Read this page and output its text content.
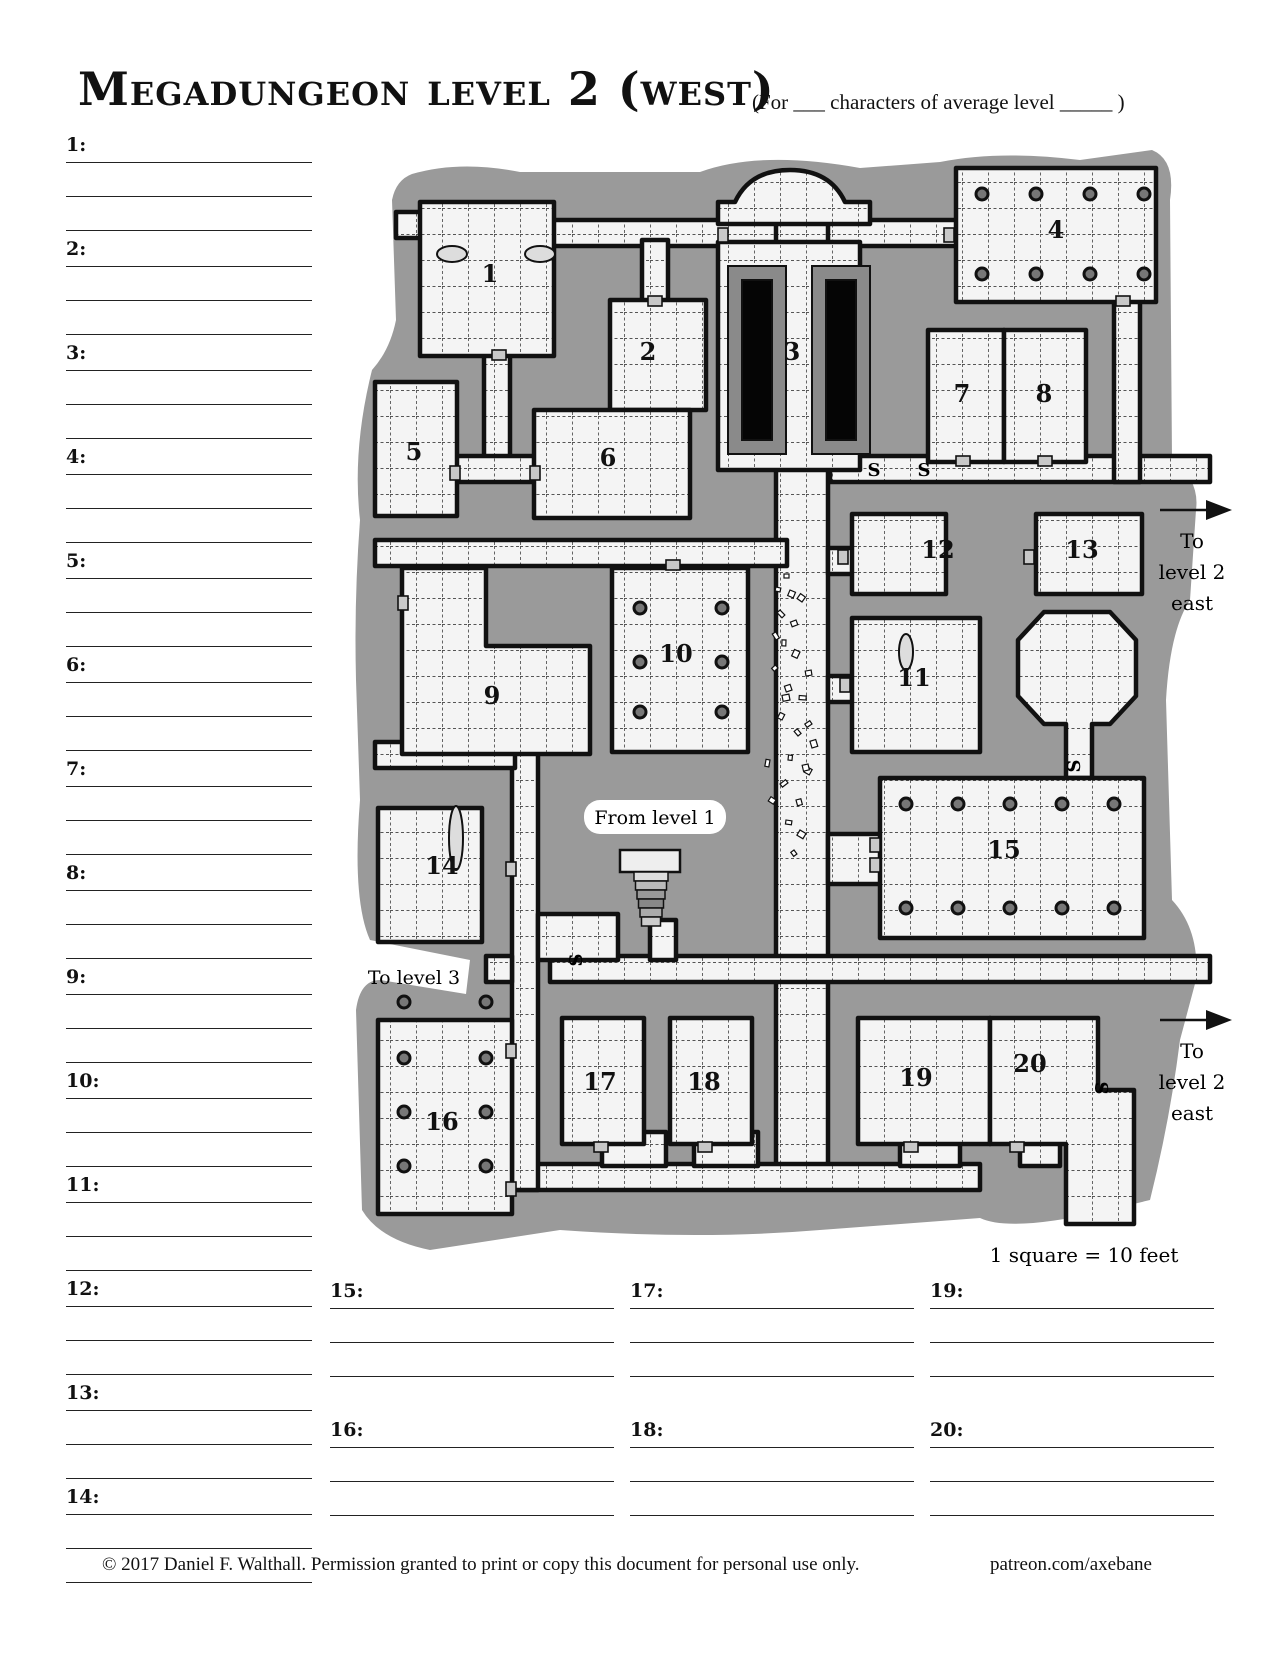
Megadungeon level 2 (west)
(For ___ characters of average level _____ )
1:
2:
3:
4:
5:
6:
7:
8:
9:
10:
11:
12:
13:
14:
15:
16:
17:
18:
19:
20:
S S
S
S
S
1
2	3
4
5	6
7	8
9
10
11
12	13
14
15
16
17	18	19	20
From level 1
To level 3
To
level 2
east
To
level 2
east
1 square = 10 feet
© 2017 Daniel F. Walthall. Permission granted to print or copy this document for personal use only.	patreon.com/axebane
